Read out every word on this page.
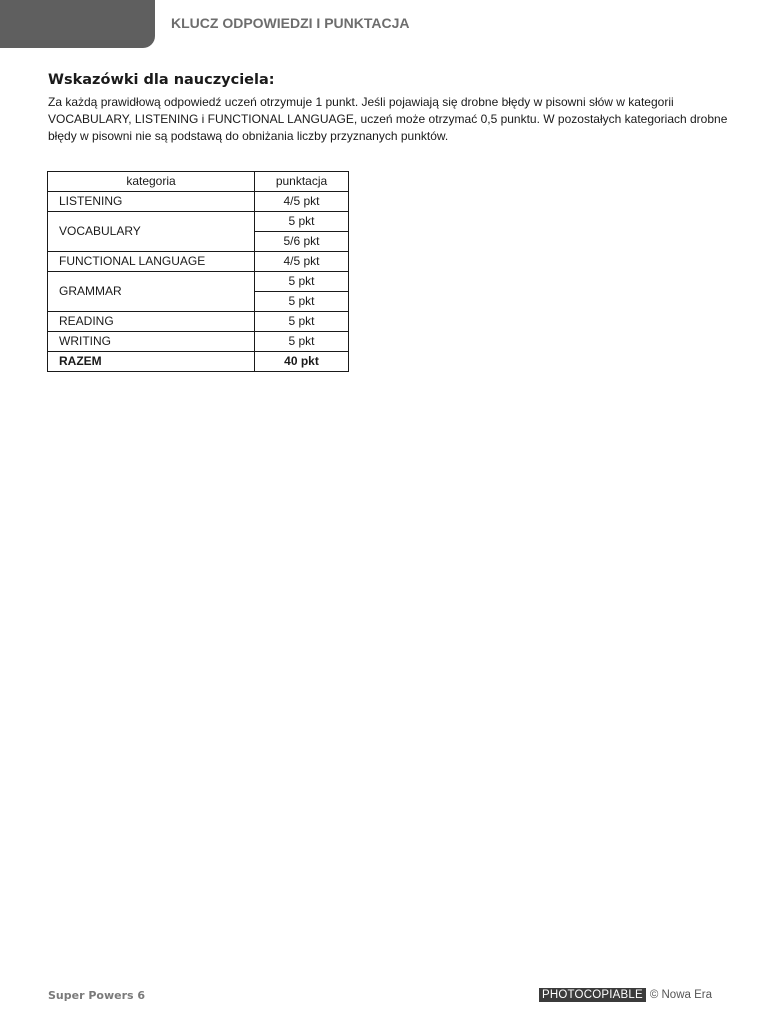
KLUCZ ODPOWIEDZI I PUNKTACJA
Wskazówki dla nauczyciela:
Za każdą prawidłową odpowiedź uczeń otrzymuje 1 punkt. Jeśli pojawiają się drobne błędy w pisowni słów w kategorii VOCABULARY, LISTENING i FUNCTIONAL LANGUAGE, uczeń może otrzymać 0,5 punktu. W pozostałych kategoriach drobne błędy w pisowni nie są podstawą do obniżania liczby przyznanych punktów.
kategoria	punktacja
LISTENING	4/5 pkt
VOCABULARY	5 pkt
	5/6 pkt
FUNCTIONAL LANGUAGE	4/5 pkt
GRAMMAR	5 pkt
	5 pkt
READING	5 pkt
WRITING	5 pkt
RAZEM	40 pkt
Super Powers 6	PHOTOCOPIABLE © Nowa Era
